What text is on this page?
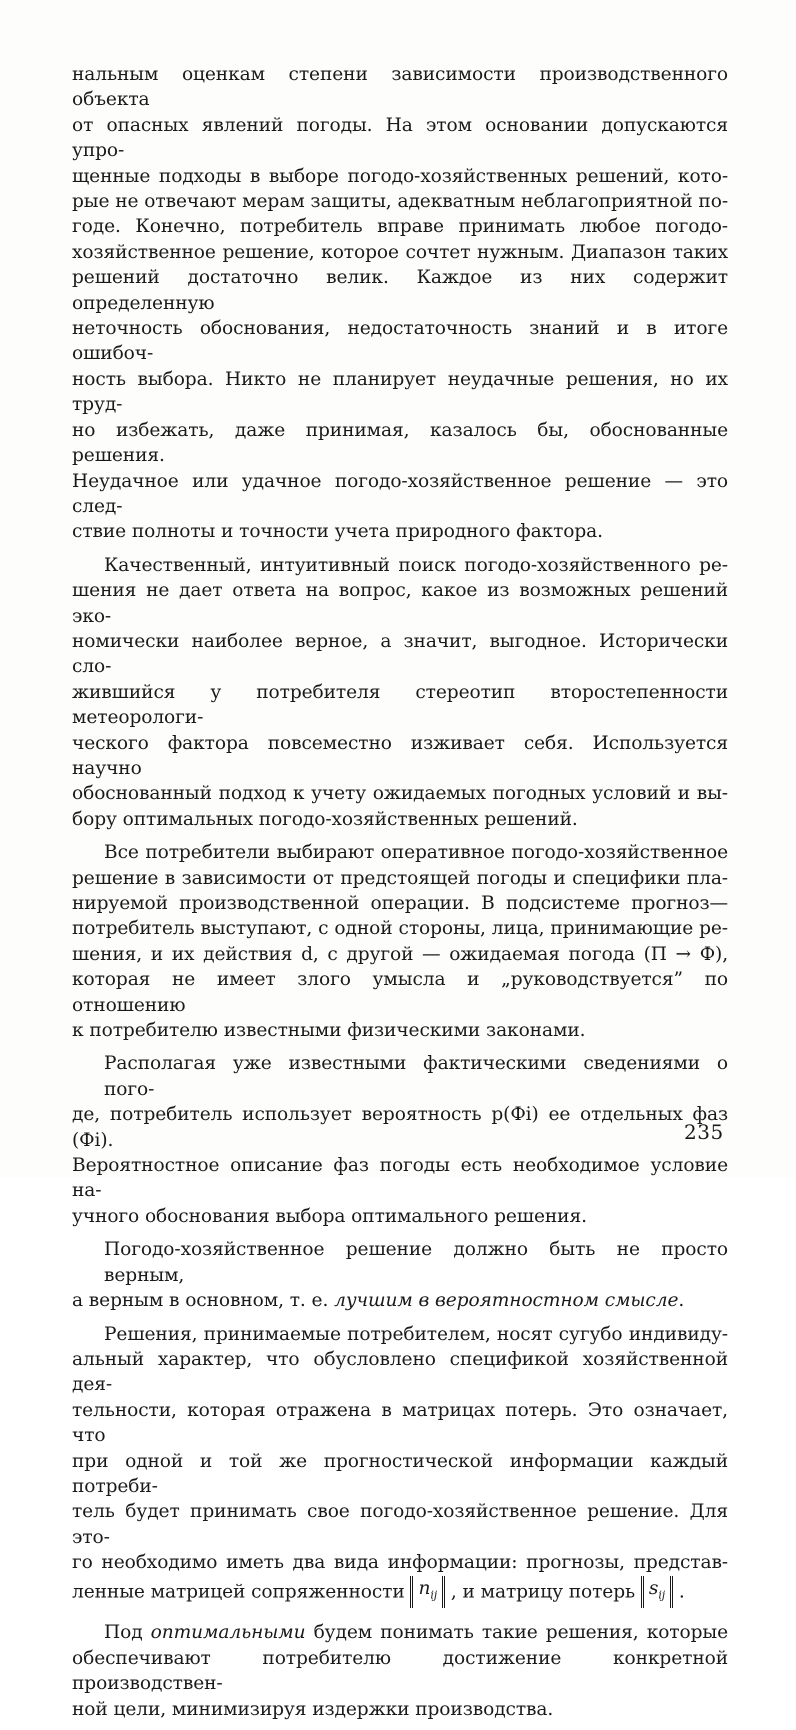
нальным оценкам степени зависимости производственного объекта
от опасных явлений погоды. На этом основании допускаются упро-
щенные подходы в выборе погодо-хозяйственных решений, кото-
рые не отвечают мерам защиты, адекватным неблагоприятной по-
годе. Конечно, потребитель вправе принимать любое погодо-
хозяйственное решение, которое сочтет нужным. Диапазон таких
решений достаточно велик. Каждое из них содержит определенную
неточность обоснования, недостаточность знаний и в итоге ошибоч-
ность выбора. Никто не планирует неудачные решения, но их труд-
но избежать, даже принимая, казалось бы, обоснованные решения.
Неудачное или удачное погодо-хозяйственное решение — это след-
ствие полноты и точности учета природного фактора.

Качественный, интуитивный поиск погодо-хозяйственного ре-
шения не дает ответа на вопрос, какое из возможных решений эко-
номически наиболее верное, а значит, выгодное. Исторически сло-
жившийся у потребителя стереотип второстепенности метеорологи-
ческого фактора повсеместно изживает себя. Используется научно
обоснованный подход к учету ожидаемых погодных условий и вы-
бору оптимальных погодо-хозяйственных решений.

Все потребители выбирают оперативное погодо-хозяйственное
решение в зависимости от предстоящей погоды и специфики пла-
нируемой производственной операции. В подсистеме прогноз—
потребитель выступают, с одной стороны, лица, принимающие ре-
шения, и их действия d, с другой — ожидаемая погода (П → Ф),
которая не имеет злого умысла и „руководствуется” по отношению
к потребителю известными физическими законами.

Располагая уже известными фактическими сведениями о пого-
де, потребитель использует вероятность p(Фi) ее отдельных фаз (Фi).
Вероятностное описание фаз погоды есть необходимое условие на-
учного обоснования выбора оптимального решения.

Погодо-хозяйственное решение должно быть не просто верным,
а верным в основном, т. е. лучшим в вероятностном смысле.

Решения, принимаемые потребителем, носят сугубо индивиду-
альный характер, что обусловлено спецификой хозяйственной дея-
тельности, которая отражена в матрицах потерь. Это означает, что
при одной и той же прогностической информации каждый потреби-
тель будет принимать свое погодо-хозяйственное решение. Для это-
го необходимо иметь два вида информации: прогнозы, представ-
ленные матрицей сопряженности $n_{ij}$ , и матрицу потерь $s_{ij}$ .

Под оптимальными будем понимать такие решения, которые
обеспечивают потребителю достижение конкретной производствен-
ной цели, минимизируя издержки производства.

235
